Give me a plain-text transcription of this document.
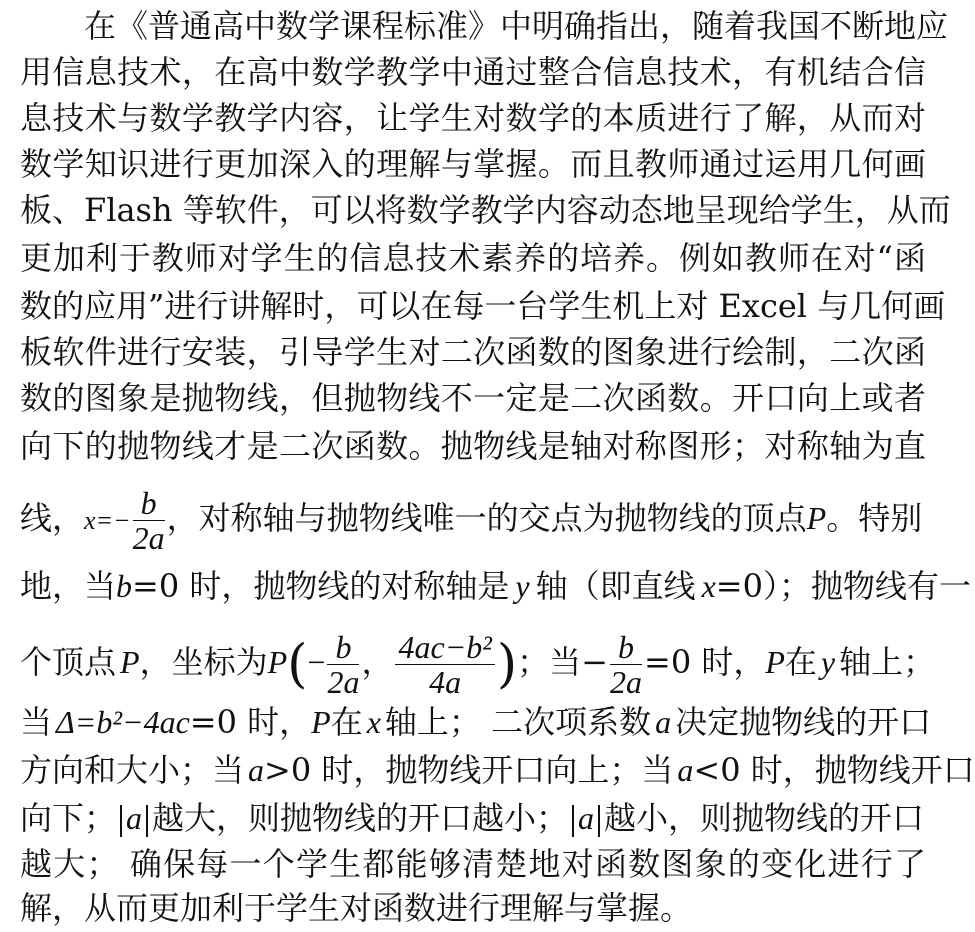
在《普通高中数学课程标准》中明确指出，随着我国不断地应
用信息技术，在高中数学教学中通过整合信息技术，有机结合信
息技术与数学教学内容，让学生对数学的本质进行了解，从而对
数学知识进行更加深入的理解与掌握。而且教师通过运用几何画
板、Flash 等软件，可以将数学教学内容动态地呈现给学生，从而
更加利于教师对学生的信息技术素养的培养。例如教师在对“函
数的应用”进行讲解时，可以在每一台学生机上对 Excel 与几何画
板软件进行安装，引导学生对二次函数的图象进行绘制，二次函
数的图象是抛物线，但抛物线不一定是二次函数。开口向上或者
向下的抛物线才是二次函数。抛物线是轴对称图形；对称轴为直
线，$x=- \frac{b}{2a}$ ，对称轴与抛物线唯一的交点为抛物线的顶点P。特别
地，当b=0 时，抛物线的对称轴是 y 轴（即直线 x=0）；抛物线有一
个顶点 P，坐标为$P(- \frac{b}{2a}$ ， $\frac{\text{4ac−b²}}{4a}$ )；当− $\frac{b}{2a} =0$ 时，P在 y 轴上；
当 Δ=b²−4ac=0 时，P在 x 轴上； 二次项系数 a 决定抛物线的开口
方向和大小；当 a>0 时，抛物线开口向上；当 a<0 时，抛物线开口
向下； a 越大，则抛物线的开口越小； a 越小，则抛物线的开口
越大； 确保每一个学生都能够清楚地对函数图象的变化进行了
解，从而更加利于学生对函数进行理解与掌握。
